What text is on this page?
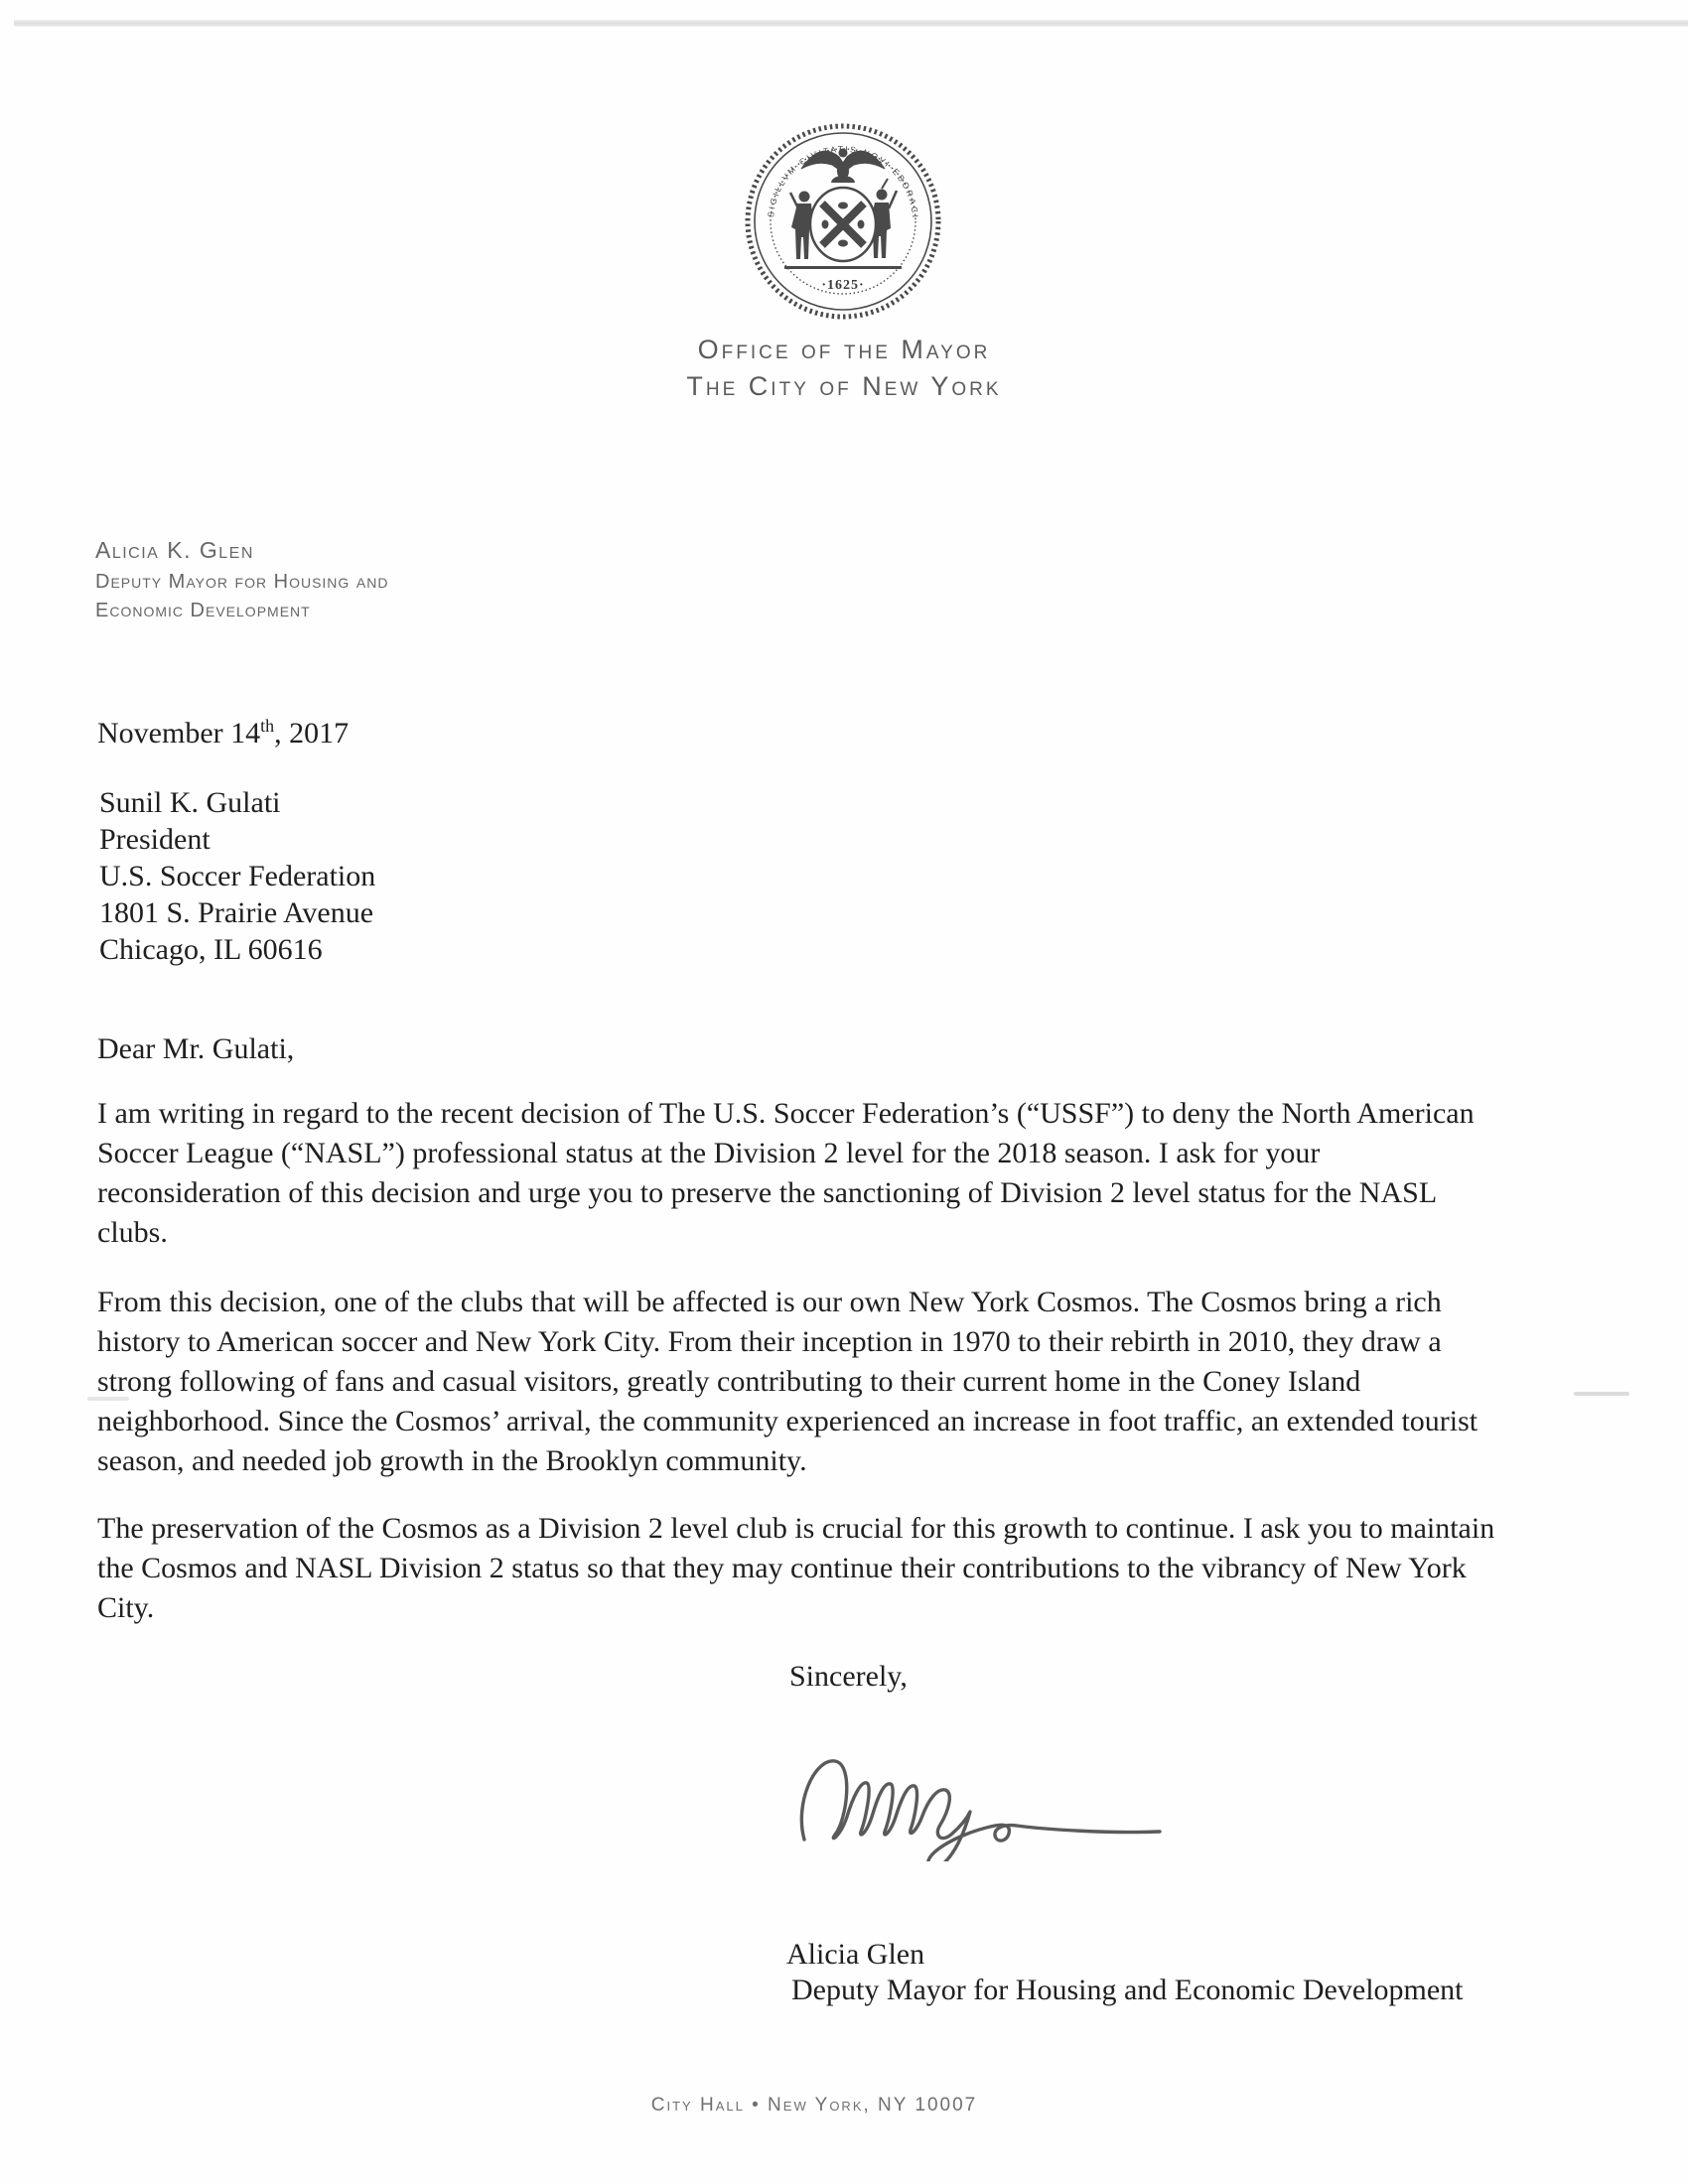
·1625·
SIGILLVM·CIVITATIS·NOVI·EBORACI
Office of the Mayor
The City of New York
Alicia K. Glen
Deputy Mayor for Housing and
Economic Development
November 14th, 2017
Sunil K. Gulati
President
U.S. Soccer Federation
1801 S. Prairie Avenue
Chicago, IL 60616
Dear Mr. Gulati,

I am writing in regard to the recent decision of The U.S. Soccer Federation’s (“USSF”) to deny the North American Soccer League (“NASL”) professional status at the Division 2 level for the 2018 season. I ask for your reconsideration of this decision and urge you to preserve the sanctioning of Division 2 level status for the NASL clubs.

From this decision, one of the clubs that will be affected is our own New York Cosmos. The Cosmos bring a rich history to American soccer and New York City. From their inception in 1970 to their rebirth in 2010, they draw a strong following of fans and casual visitors, greatly contributing to their current home in the Coney Island neighborhood. Since the Cosmos’ arrival, the community experienced an increase in foot traffic, an extended tourist season, and needed job growth in the Brooklyn community.

The preservation of the Cosmos as a Division 2 level club is crucial for this growth to continue. I ask you to maintain the Cosmos and NASL Division 2 status so that they may continue their contributions to the vibrancy of New York City.

Sincerely,
Alicia Glen
Deputy Mayor for Housing and Economic Development
City Hall • New York, NY 10007
